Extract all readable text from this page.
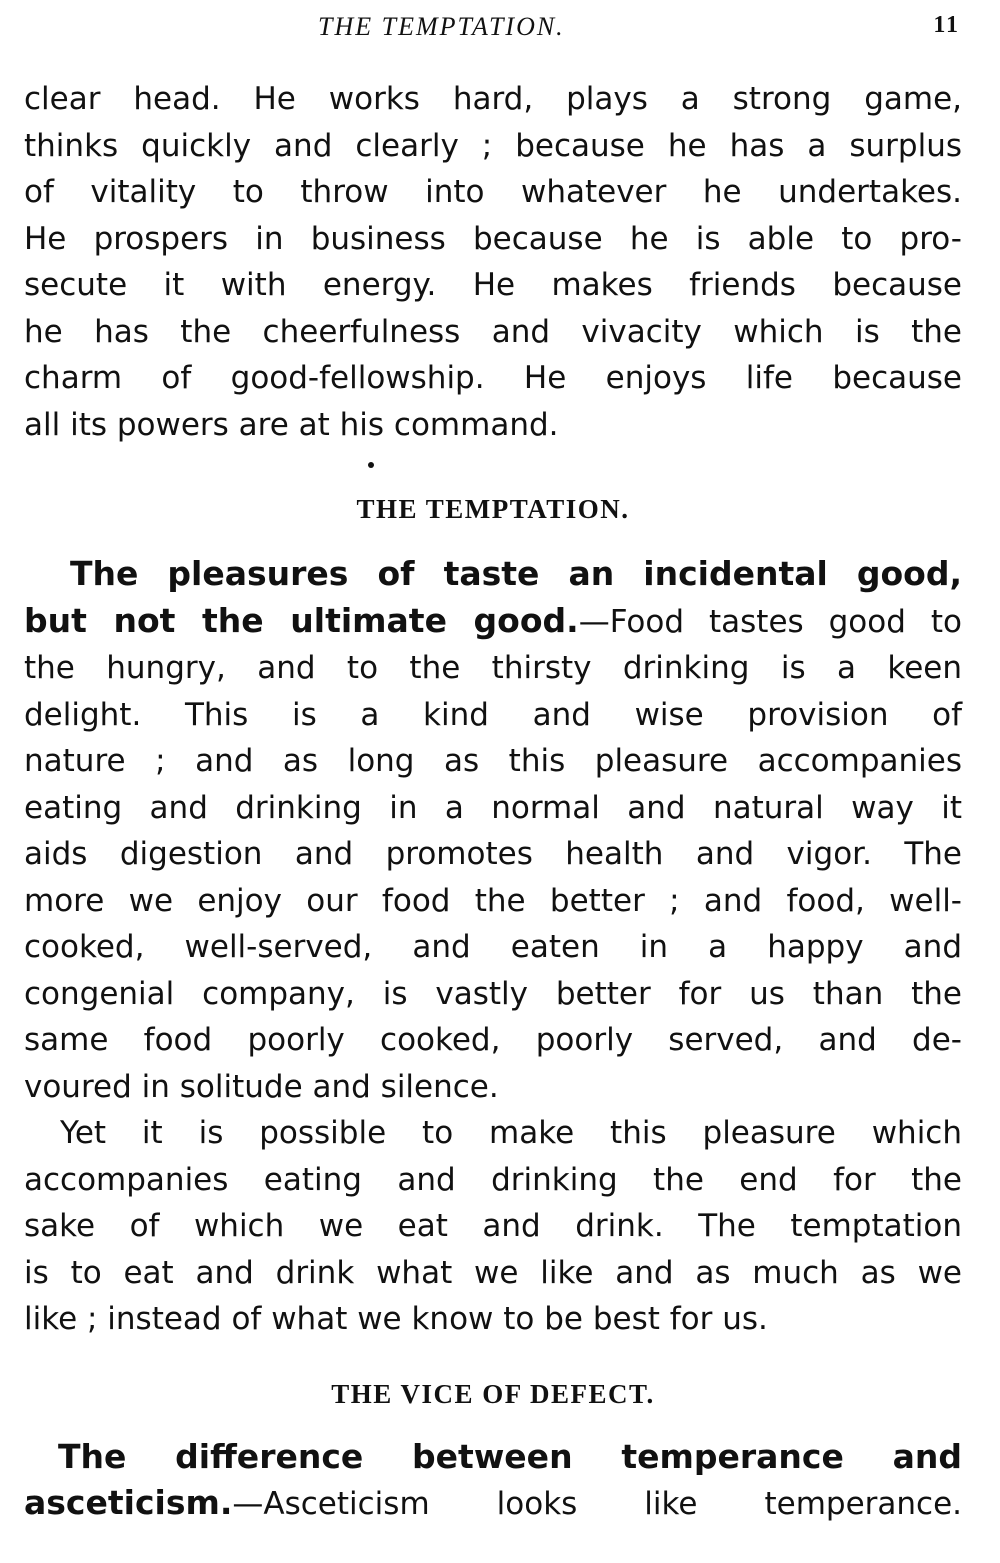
THE TEMPTATION.	11

clear head. He works hard, plays a strong game,
thinks quickly and clearly ; because he has a surplus
of vitality to throw into whatever he undertakes.
He prospers in business because he is able to pro-
secute it with energy. He makes friends because
he has the cheerfulness and vivacity which is the
charm of good-fellowship. He enjoys life because
all its powers are at his command.

THE TEMPTATION.

The pleasures of taste an incidental good,
but not the ultimate good.—Food tastes good to
the hungry, and to the thirsty drinking is a keen
delight. This is a kind and wise provision of
nature ; and as long as this pleasure accompanies
eating and drinking in a normal and natural way it
aids digestion and promotes health and vigor. The
more we enjoy our food the better ; and food, well-
cooked, well-served, and eaten in a happy and
congenial company, is vastly better for us than the
same food poorly cooked, poorly served, and de-
voured in solitude and silence.

Yet it is possible to make this pleasure which
accompanies eating and drinking the end for the
sake of which we eat and drink. The temptation
is to eat and drink what we like and as much as we
like ; instead of what we know to be best for us.

THE VICE OF DEFECT.

The difference between temperance and
asceticism.—Asceticism looks like temperance.
